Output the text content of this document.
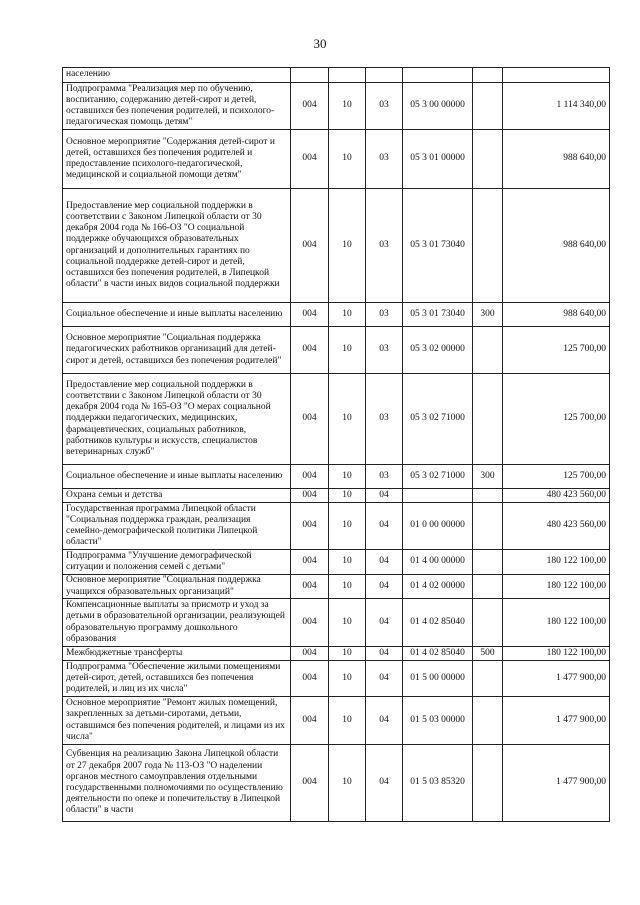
30
населению						
Подпрограмма "Реализация мер по обучению, воспитанию, содержанию детей-сирот и детей, оставшихся без попечения родителей, и психолого-педагогическая помощь детям"	004	10	03	05 3 00 00000		1 114 340,00
Основное мероприятие "Содержания детей-сирот и детей, оставшихся без попечения родителей и предоставление психолого-педагогической, медицинской и социальной помощи детям"	004	10	03	05 3 01 00000		988 640,00
Предоставление мер социальной поддержки в соответствии с Законом Липецкой области от 30 декабря 2004 года № 166-ОЗ "О социальной поддержке обучающихся образовательных организаций и дополнительных гарантиях по социальной поддержке детей-сирот и детей, оставшихся без попечения родителей, в Липецкой области" в части иных видов социальной поддержки	004	10	03	05 3 01 73040		988 640,00
Социальное обеспечение и иные выплаты населению	004	10	03	05 3 01 73040	300	988 640,00
Основное мероприятие "Социальная поддержка педагогических работников организаций для детей-сирот и детей, оставшихся без попечения родителей"	004	10	03	05 3 02 00000		125 700,00
Предоставление мер социальной поддержки в соответствии с Законом Липецкой области от 30 декабря 2004 года № 165-ОЗ "О мерах социальной поддержки педагогических, медицинских, фармацевтических, социальных работников, работников культуры и искусств, специалистов ветеринарных служб"	004	10	03	05 3 02 71000		125 700,00
Социальное обеспечение и иные выплаты населению	004	10	03	05 3 02 71000	300	125 700,00
Охрана семьи и детства	004	10	04			480 423 560,00
Государственная программа Липецкой области "Социальная поддержка граждан, реализация семейно-демографической политики Липецкой области"	004	10	04	01 0 00 00000		480 423 560,00
Подпрограмма "Улучшение демографической ситуации и положения семей с детьми"	004	10	04	01 4 00 00000		180 122 100,00
Основное мероприятие "Социальная поддержка учащихся образовательных организаций"	004	10	04	01 4 02 00000		180 122 100,00
Компенсационные выплаты за присмотр и уход за детьми в образовательной организации, реализующей образовательную программу дошкольного образования	004	10	04	01 4 02 85040		180 122 100,00
Межбюджетные трансферты	004	10	04	01 4 02 85040	500	180 122 100,00
Подпрограмма "Обеспечение жилыми помещениями детей-сирот, детей, оставшихся без попечения родителей, и лиц из их числа"	004	10	04	01 5 00 00000		1 477 900,00
Основное мероприятие "Ремонт жилых помещений, закрепленных за детьми-сиротами, детьми, оставшимся без попечения родителей, и лицами из их числа"	004	10	04	01 5 03 00000		1 477 900,00
Субвенция на реализацию Закона Липецкой области от 27 декабря 2007 года № 113-ОЗ "О наделении органов местного самоуправления отдельными государственными полномочиями по осуществлению деятельности по опеке и попечительству в Липецкой области" в части	004	10	04	01 5 03 85320		1 477 900,00
